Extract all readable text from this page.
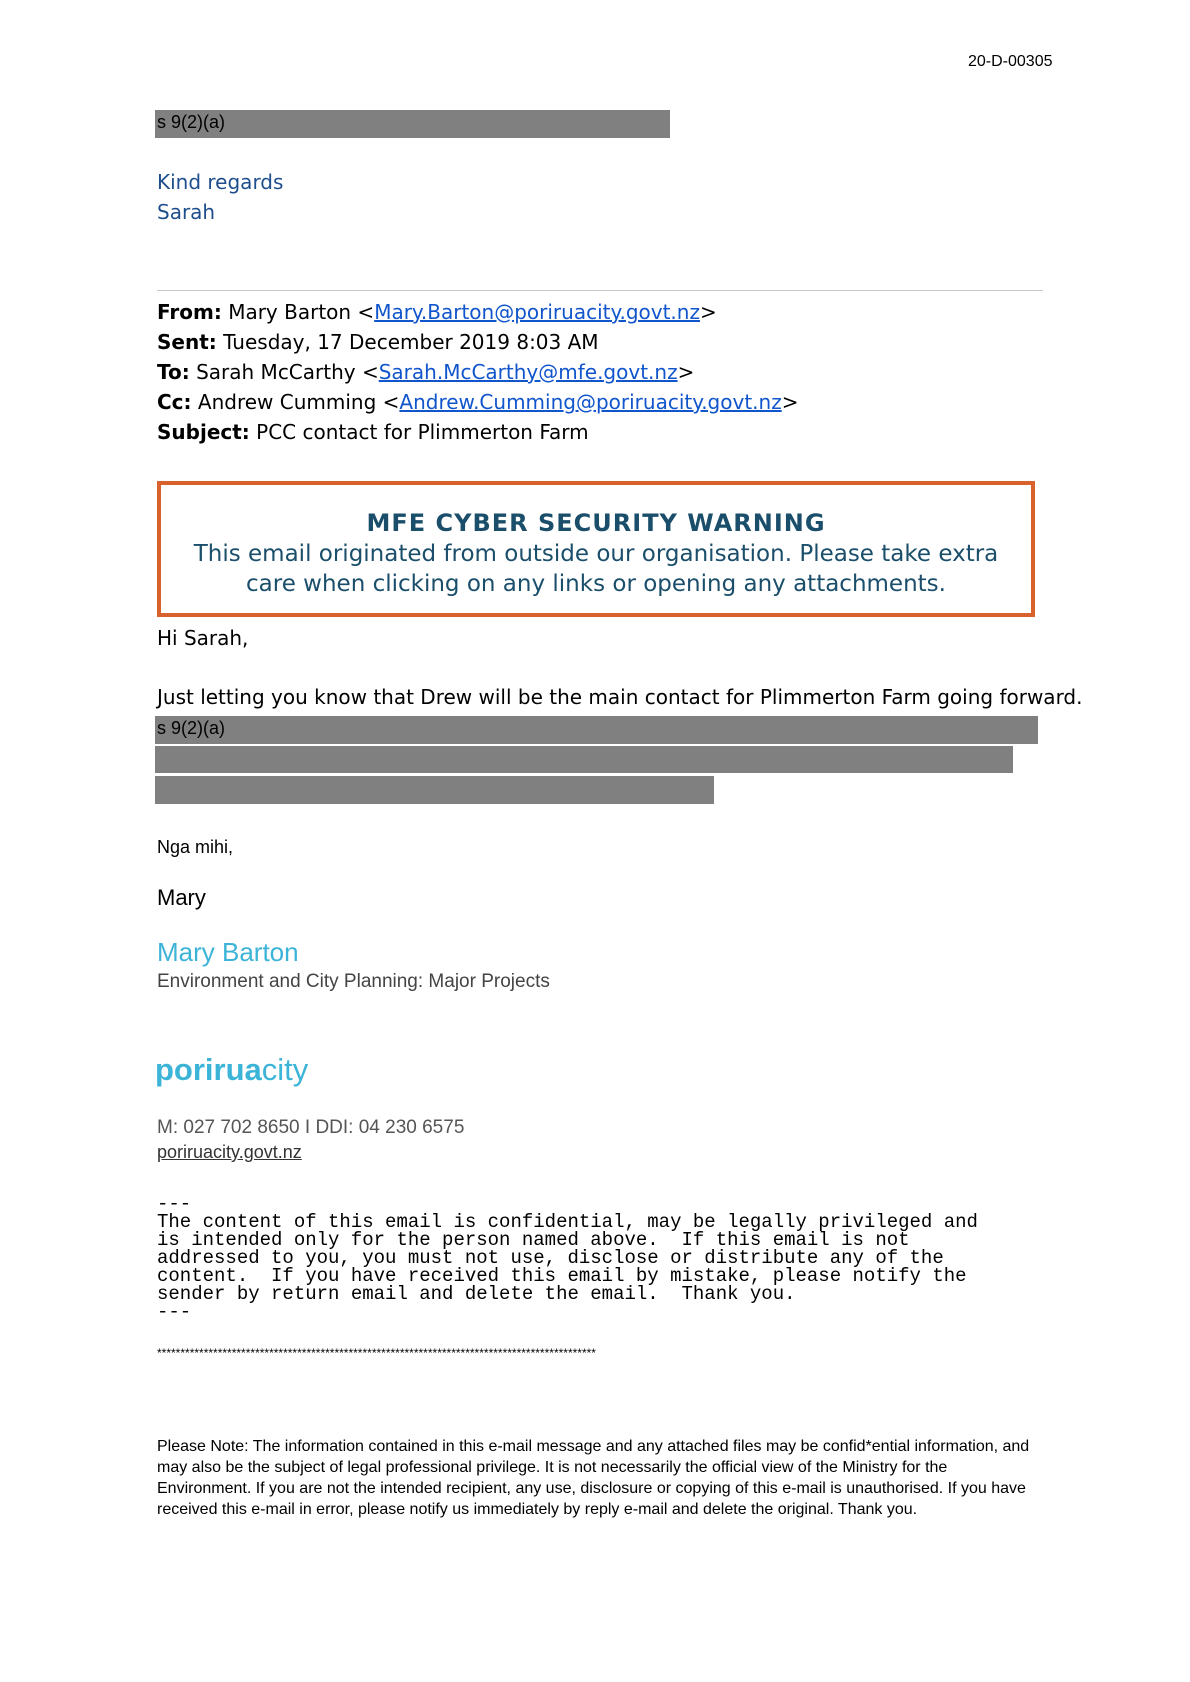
20-D-00305
s 9(2)(a)
Kind regards
Sarah
From: Mary Barton <Mary.Barton@poriruacity.govt.nz>
Sent: Tuesday, 17 December 2019 8:03 AM
To: Sarah McCarthy <Sarah.McCarthy@mfe.govt.nz>
Cc: Andrew Cumming <Andrew.Cumming@poriruacity.govt.nz>
Subject: PCC contact for Plimmerton Farm
MFE CYBER SECURITY WARNING
This email originated from outside our organisation. Please take extra care when clicking on any links or opening any attachments.
Hi Sarah,
Just letting you know that Drew will be the main contact for Plimmerton Farm going forward.
s 9(2)(a)
Nga mihi,
Mary
Mary Barton
Environment and City Planning: Major Projects
poriruacity
M: 027 702 8650 I DDI: 04 230 6575
poriruacity.govt.nz
---
The content of this email is confidential, may be legally privileged and
is intended only for the person named above.  If this email is not
addressed to you, you must not use, disclose or distribute any of the
content.  If you have received this email by mistake, please notify the
sender by return email and delete the email.  Thank you.
---
**********************************************************************************************
Please Note: The information contained in this e-mail message and any attached files may be confid*ential information, and may also be the subject of legal professional privilege. It is not necessarily the official view of the Ministry for the Environment. If you are not the intended recipient, any use, disclosure or copying of this e-mail is unauthorised. If you have received this e-mail in error, please notify us immediately by reply e-mail and delete the original. Thank you.
